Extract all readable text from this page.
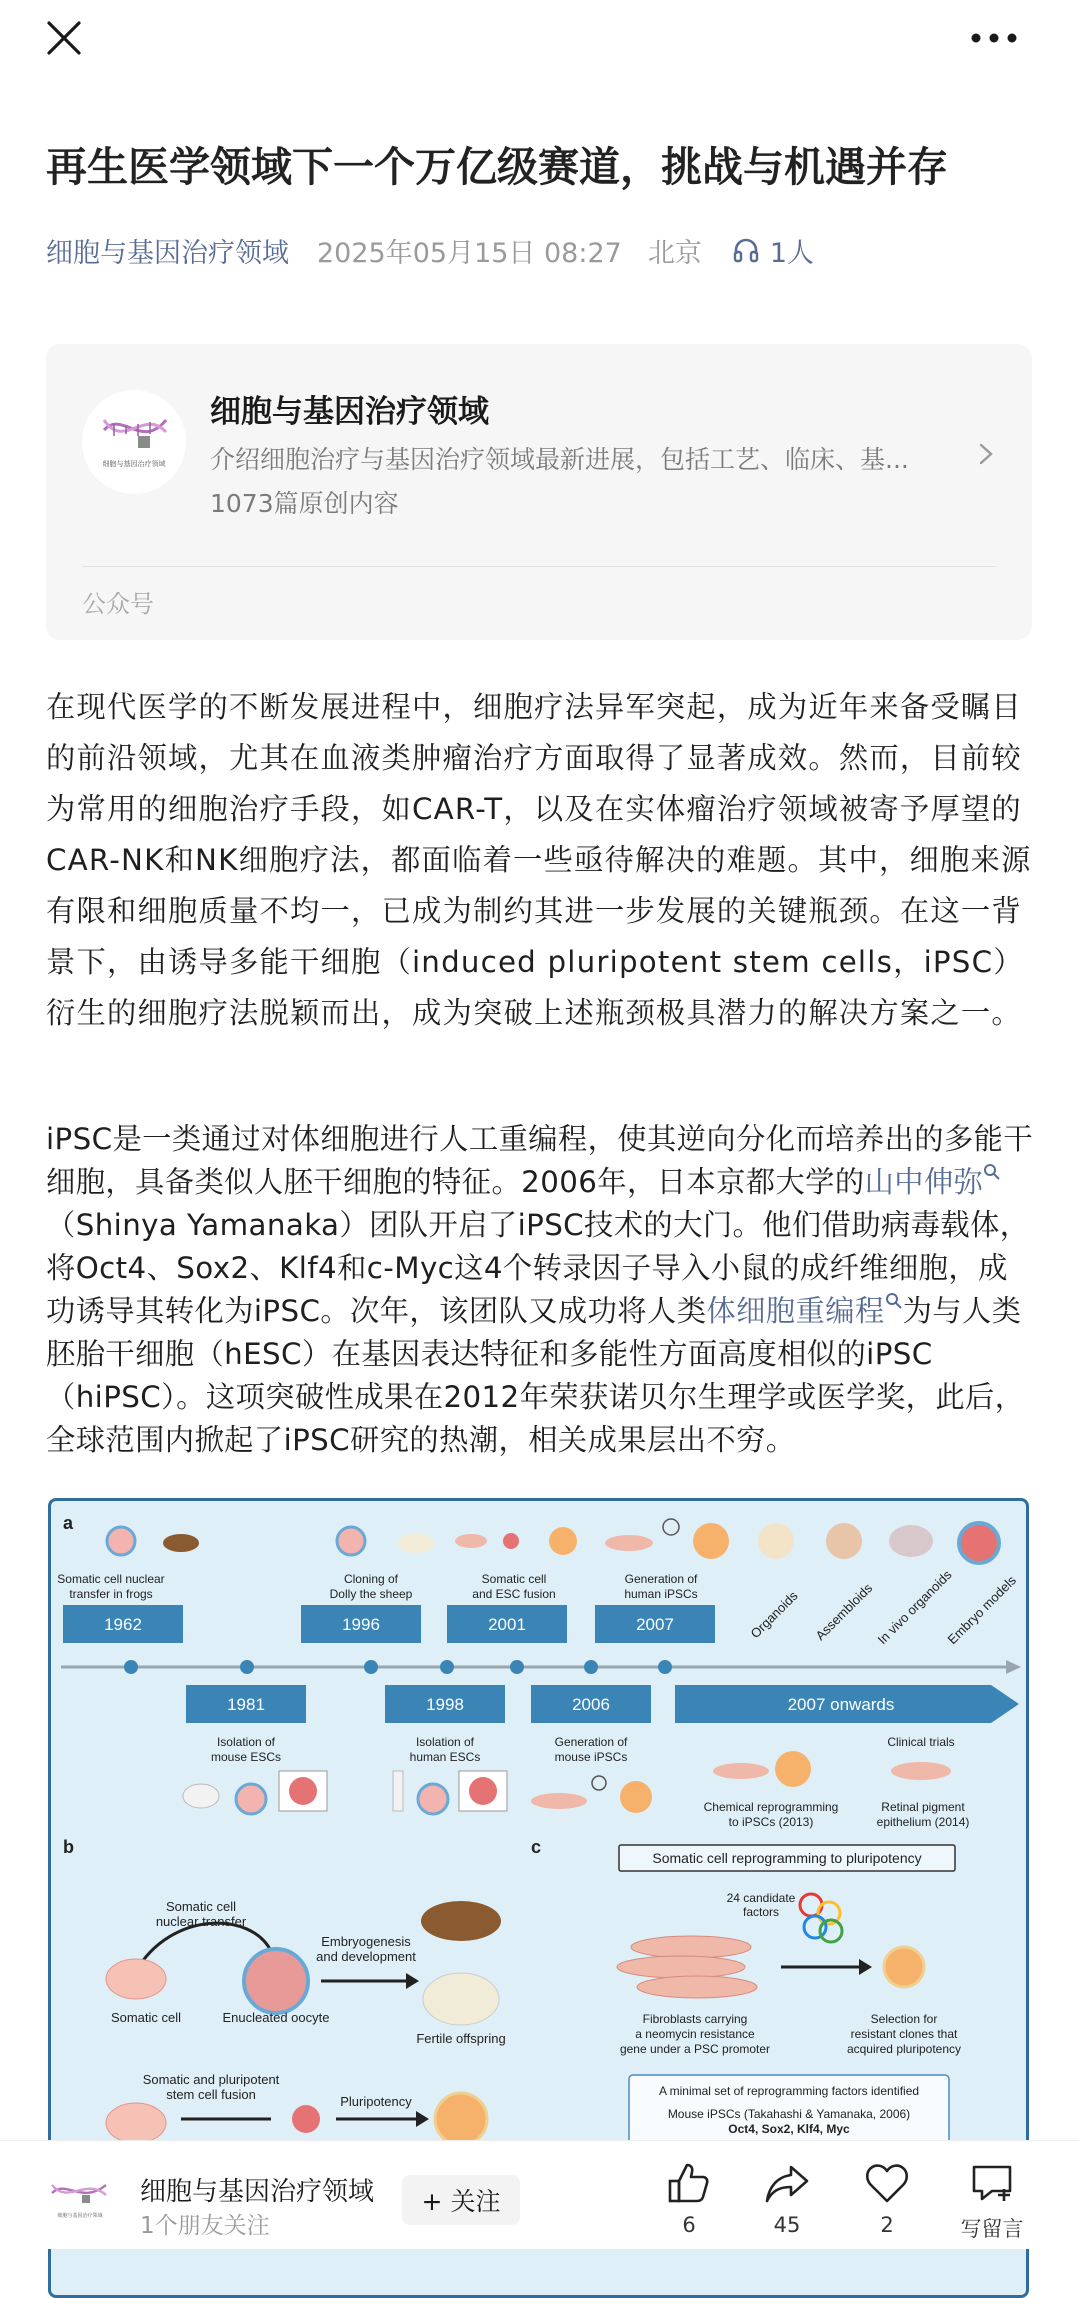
再生医学领域下一个万亿级赛道，挑战与机遇并存
细胞与基因治疗领域 2025年05月15日 08:27 北京	1人
细胞与基因治疗领域
细胞与基因治疗领域
介绍细胞治疗与基因治疗领域最新进展，包括工艺、临床、基...
1073篇原创内容
公众号
在现代医学的不断发展进程中，细胞疗法异军突起，成为近年来备受瞩目的前沿领域，尤其在血液类肿瘤治疗方面取得了显著成效。然而，目前较为常用的细胞治疗手段，如CAR-T，以及在实体瘤治疗领域被寄予厚望的CAR-NK和NK细胞疗法，都面临着一些亟待解决的难题。其中，细胞来源有限和细胞质量不均一，已成为制约其进一步发展的关键瓶颈。在这一背景下，由诱导多能干细胞（induced pluripotent stem cells，iPSC）衍生的细胞疗法脱颖而出，成为突破上述瓶颈极具潜力的解决方案之一。
iPSC是一类通过对体细胞进行人工重编程，使其逆向分化而培养出的多能干细胞，具备类似人胚干细胞的特征。2006年，日本京都大学的山中伸弥（Shinya Yamanaka）团队开启了iPSC技术的大门。他们借助病毒载体，将Oct4、Sox2、Klf4和c-Myc这4个转录因子导入小鼠的成纤维细胞，成功诱导其转化为iPSC。次年，该团队又成功将人类体细胞重编程 为与人类胚胎干细胞（hESC）在基因表达特征和多能性方面高度相似的iPSC（hiPSC）。这项突破性成果在2012年荣获诺贝尔生理学或医学奖，此后，全球范围内掀起了iPSC研究的热潮，相关成果层出不穷。
a
Somatic cell nuclear
transfer in frogs
Cloning of
Dolly the sheep
Somatic cell
and ESC fusion
Generation of
human iPSCs
1962	1996	2001	2007	Organoids Assembloids In vivo organoids
Embryo models
1981	1998	2006	2007 onwards
Isolation of
mouse ESCs
Isolation of
human ESCs
Generation of
mouse iPSCs
Clinical trials
Chemical reprogramming
to iPSCs (2013)
Retinal pigment
epithelium (2014)
b
Somatic cell
nuclear transfer
Somatic cell	Enucleated oocyte
Embryogenesis
and development
Fertile offspring
Somatic and pluripotent
stem cell fusion	Pluripotency
c
Somatic cell reprogramming to pluripotency
24 candidate
factors
Fibroblasts carrying
a neomycin resistance
gene under a PSC promoter
Selection for
resistant clones that
acquired pluripotency
A minimal set of reprogramming factors identified
Mouse iPSCs (Takahashi & Yamanaka, 2006)
Oct4, Sox2, Klf4, Myc
细胞与基因治疗领域
细胞与基因治疗领域
1个朋友关注
+ 关注
6	45	2	写留言
